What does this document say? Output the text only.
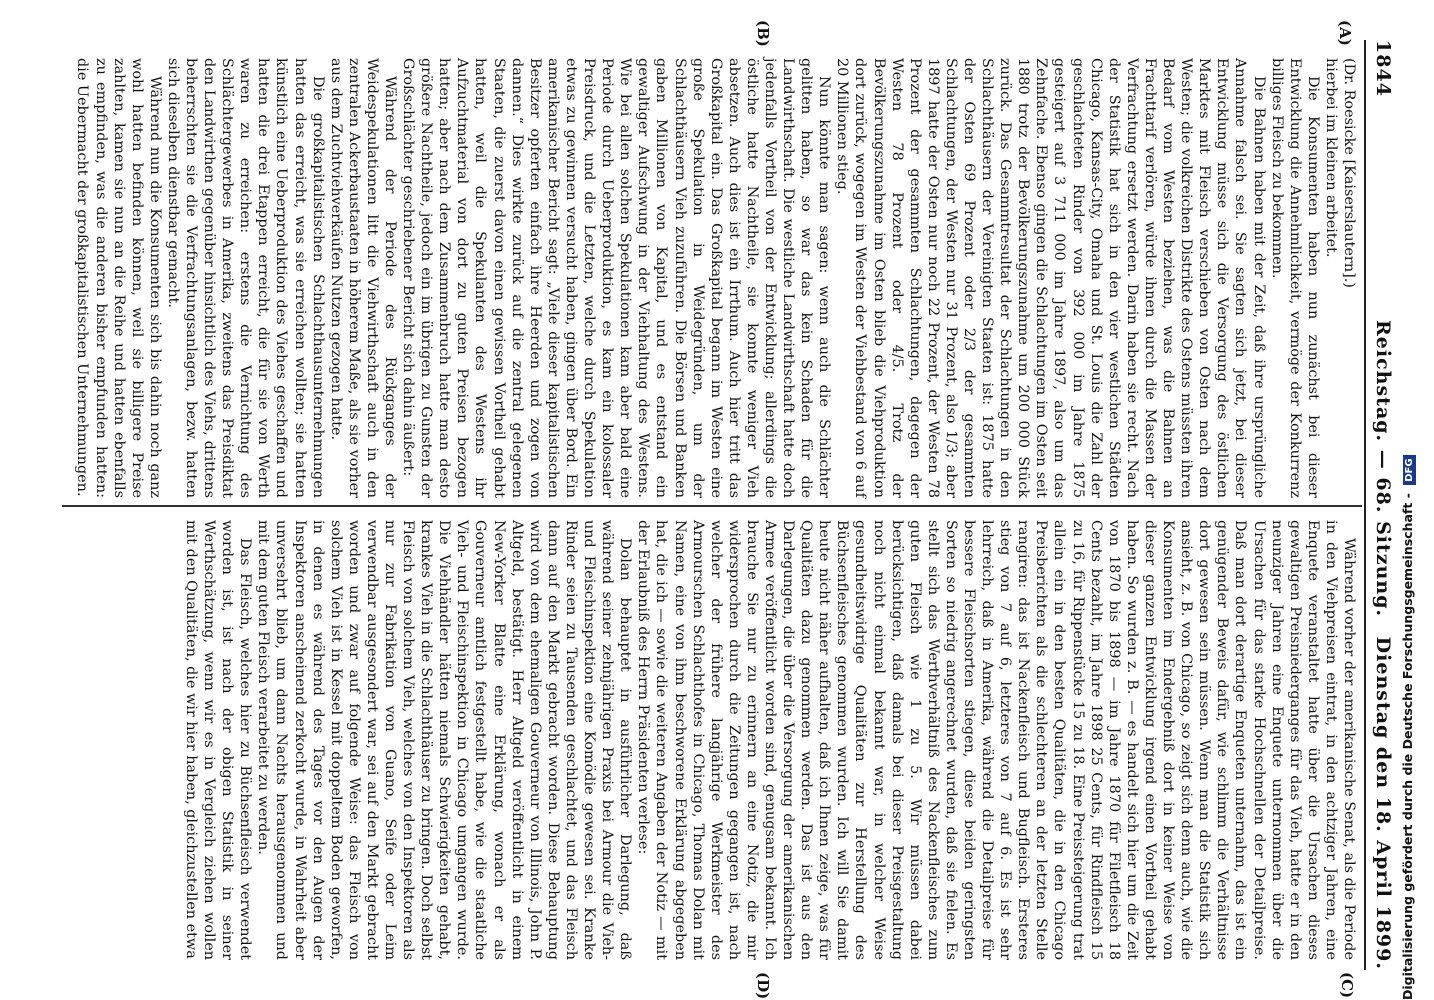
1844
Reichstag. — 68. Sitzung.
Dienstag den 18. April 1899.
(A)
(B)
(C)
(D)

(Dr. Roesicke [Kaiserslautern].)

hierbei im kleinen arbeitet.

Die Konsumenten haben nun zunächst bei dieser Entwicklung die Annehmlichkeit, vermöge der Konkurrenz billiges Fleisch zu bekommen.

Die Bahnen haben mit der Zeit, daß ihre ursprüngliche Annahme falsch sei. Sie sagten sich jetzt, bei dieser Entwicklung müsse sich die Versorgung des östlichen Marktes mit Fleisch verschieben von Osten nach dem Westen; die volkreichen Distrikte des Ostens müssten ihren Bedarf vom Westen beziehen, was die Bahnen an Frachttarif verlören, würde ihnen durch die Massen der Verfrachtung ersetzt werden. Darin haben sie recht. Nach der Statistik hat sich in den vier westlichen Städten Chicago, Kansas-City, Omaha und St. Louis die Zahl der geschlachteten Rinder von 392 000 im Jahre 1875 gesteigert auf 3 711 000 im Jahre 1897, also um das Zehnfache. Ebenso gingen die Schlachtungen im Osten seit 1880 trotz der Bevölkerungszunahme um 200 000 Stück zurück. Das Gesammtresultat der Schlachtungen in den Schlachthäusern der Vereinigten Staaten ist: 1875 hatte der Osten 69 Prozent oder 2/3 der gesammten Schlachtungen, der Westen nur 31 Prozent, also 1/3; aber 1897 hatte der Osten nur noch 22 Prozent, der Westen 78 Prozent der gesammten Schlachtungen, dagegen der Westen 78 Prozent oder 4/5. Trotz der Bevölkerungszunahme im Osten blieb die Viehproduktion dort zurück, wogegen im Westen der Viehbestand von 6 auf 20 Millionen stieg.

Nun könnte man sagen: wenn auch die Schlächter gelitten haben, so war das kein Schaden für die Landwirthschaft. Die westliche Landwirthschaft hatte doch jedenfalls Vortheil von der Entwicklung; allerdings die östliche hatte Nachtheile, sie konnte weniger Vieh absetzen. Auch dies ist ein Irrthum. Auch hier tritt das Großkapital ein. Das Großkapital begann im Westen eine große Spekulation in Weidegründen, um der Schlachthäusern Vieh zuzuführen. Die Börsen und Banken gaben Millionen von Kapital, und es entstand ein gewaltiger Aufschwung in der Viehhaltung des Westens. Wie bei allen solchen Spekulationen kam aber bald eine Periode durch Ueberproduktion, es kam ein kolossaler Preisdruck, und die Letzten, welche durch Spekulation etwas zu gewinnen versucht haben, gingen über Bord. Ein amerikanischer Bericht sagt: „Viele dieser kapitalistischen Besitzer opferten einfach ihre Heerden und zogen von dannen.“ Dies wirkte zurück auf die zentral gelegenen Staaten, die zuerst davon einen gewissen Vortheil gehabt hatten, weil die Spekulanten des Westens ihr Aufzuchtmaterial von dort zu guten Preisen bezogen hatten; aber nach dem Zusammenbruch hatte man desto größere Nachtheile, jedoch ein im übrigen zu Gunsten der Großschlächter geschriebener Bericht sich dahin äußert:

Während der Periode des Rückganges der Weidespekulationen litt die Viehwirthschaft auch in den zentralen Ackerbaustaaten in höherem Maße, als sie vorher aus dem Zuchtviehverkäufen Nutzen gezogen hatte.

Die großkapitalistischen Schlachthausunternehmungen hatten das erreicht, was sie erreichen wollten; sie hatten künstlich eine Ueberproduktion des Viehes geschaffen und hatten die drei Etappen erreicht, die für sie von Werth waren zu erreichen: erstens die Vernichtung des Schlächtergewerbes in Amerika, zweitens das Preisdiktat den Landwirthen gegenüber hinsichtlich des Viehs, drittens beherrschten sie die Verfrachtungsanlagen, bezw. hatten sich dieselben dienstbar gemacht.

Während nun die Konsumenten sich bis dahin noch ganz wohl hatten befinden können, weil sie billigere Preise zahlten, kamen sie nun an die Reihe und hatten ebenfalls zu empfinden, was die anderen bisher empfunden hatten: die Uebermacht der großkapitalistischen Unternehmungen.

Während vorher der amerikanische Senat, als die Periode in den Viehpreisen eintrat, in den achtziger Jahren, eine Enquete veranstaltet hatte über die Ursachen dieses gewaltigen Preisniederganges für das Vieh, hatte er in den neunziger Jahren eine Enquete unternommen über die Ursachen für das starke Hochschnellen der Detailpreise. Daß man dort derartige Enqueten unternahm, das ist ein genügender Beweis dafür, wie schlimm die Verhältnisse dort gewesen sein müssen. Wenn man die Statistik sich ansieht, z. B. von Chicago, so zeigt sich denn auch, wie die Konsumenten im Endergebniß dort in keiner Weise von dieser ganzen Entwicklung irgend einen Vortheil gehabt haben. So wurden z. B. — es handelt sich hier um die Zeit von 1870 bis 1898 — im Jahre 1870 für Filetfleisch 18 Cents bezahlt, im Jahre 1898 25 Cents, für Rindfleisch 15 zu 16, für Rippenstücke 15 zu 18. Eine Preissteigerung trat allein ein in den besten Qualitäten, die in den Chicago Preisberichten als die schlechteren an der letzten Stelle rangiren: das ist Nackenfleisch und Bugfleisch. Ersteres stieg von 7 auf 6, letzteres von 7 auf 6. Es ist sehr lehrreich, daß in Amerika, während die Detailpreise für bessere Fleischsorten stiegen, diese beiden geringsten Sorten so niedrig angerechnet wurden, daß sie fielen. Es stellt sich das Werthverhältniß des Nackenfleisches zum guten Fleisch wie 1 zu 5. Wir müssen dabei berücksichtigen, daß damals bei dieser Preisgestaltung noch nicht einmal bekannt war, in welcher Weise gesundheitswidrige Qualitäten zur Herstellung des Büchsenfleisches genommen wurden. Ich will Sie damit heute nicht näher aufhalten, daß ich Ihnen zeige, was für Qualitäten dazu genommen werden. Das ist aus den Darlegungen, die über die Versorgung der amerikanischen Armee veröffentlicht worden sind, genugsam bekannt. Ich brauche Sie nur zu erinnern an eine Notiz, die mir widersprochen durch die Zeitungen gegangen ist, nach welcher der frühere langjährige Werkmeister des Armourschen Schlachthofes in Chicago, Thomas Dolan mit Namen, eine von ihm beschworene Erklärung abgegeben hat, die ich — sowie die weiteren Angaben der Notiz — mit der Erlaubniß des Herrn Präsidenten verlese:

Dolan behauptet in ausführlicher Darlegung, daß während seiner zehnjährigen Praxis bei Armour die Vieh- und Fleischinspektion eine Komödie gewesen sei. Kranke Rinder seien zu Tausenden geschlachtet, und das Fleisch dann auf den Markt gebracht worden. Diese Behauptung wird von dem ehemaligen Gouverneur von Illinois, John P. Altgeld, bestätigt. Herr Altgeld veröffentlicht in einem New-Yorker Blatte eine Erklärung, wonach er als Gouverneur amtlich festgestellt habe, wie die staatliche Vieh- und Fleischinspektion in Chicago umgangen wurde. Die Viehhändler hätten niemals Schwierigkeiten gehabt, krankes Vieh in die Schlachthäuser zu bringen. Doch selbst Fleisch von solchem Vieh, welches von den Inspektoren als nur zur Fabrikation von Guano, Seife oder Leim verwendbar ausgesondert war, sei auf den Markt gebracht worden und zwar auf folgende Weise: das Fleisch von solchem Vieh ist in Kessel mit doppeltem Boden geworfen, in denen es während des Tages vor den Augen der Inspektoren anscheinend zerkocht wurde, in Wahrheit aber unversehrt blieb, um dann Nachts herausgenommen und mit dem guten Fleisch verarbeitet zu werden.

Das Fleisch, welches hier zu Büchsenfleisch verwendet worden ist, ist nach der obigen Statistik in seiner Werthschätzung, wenn wir es in Vergleich ziehen wollen mit den Qualitäten, die wir hier haben, gleichzustellen etwa	Digitalisierung gefördert durch die Deutsche Forschungsgemeinschaft - DFG
